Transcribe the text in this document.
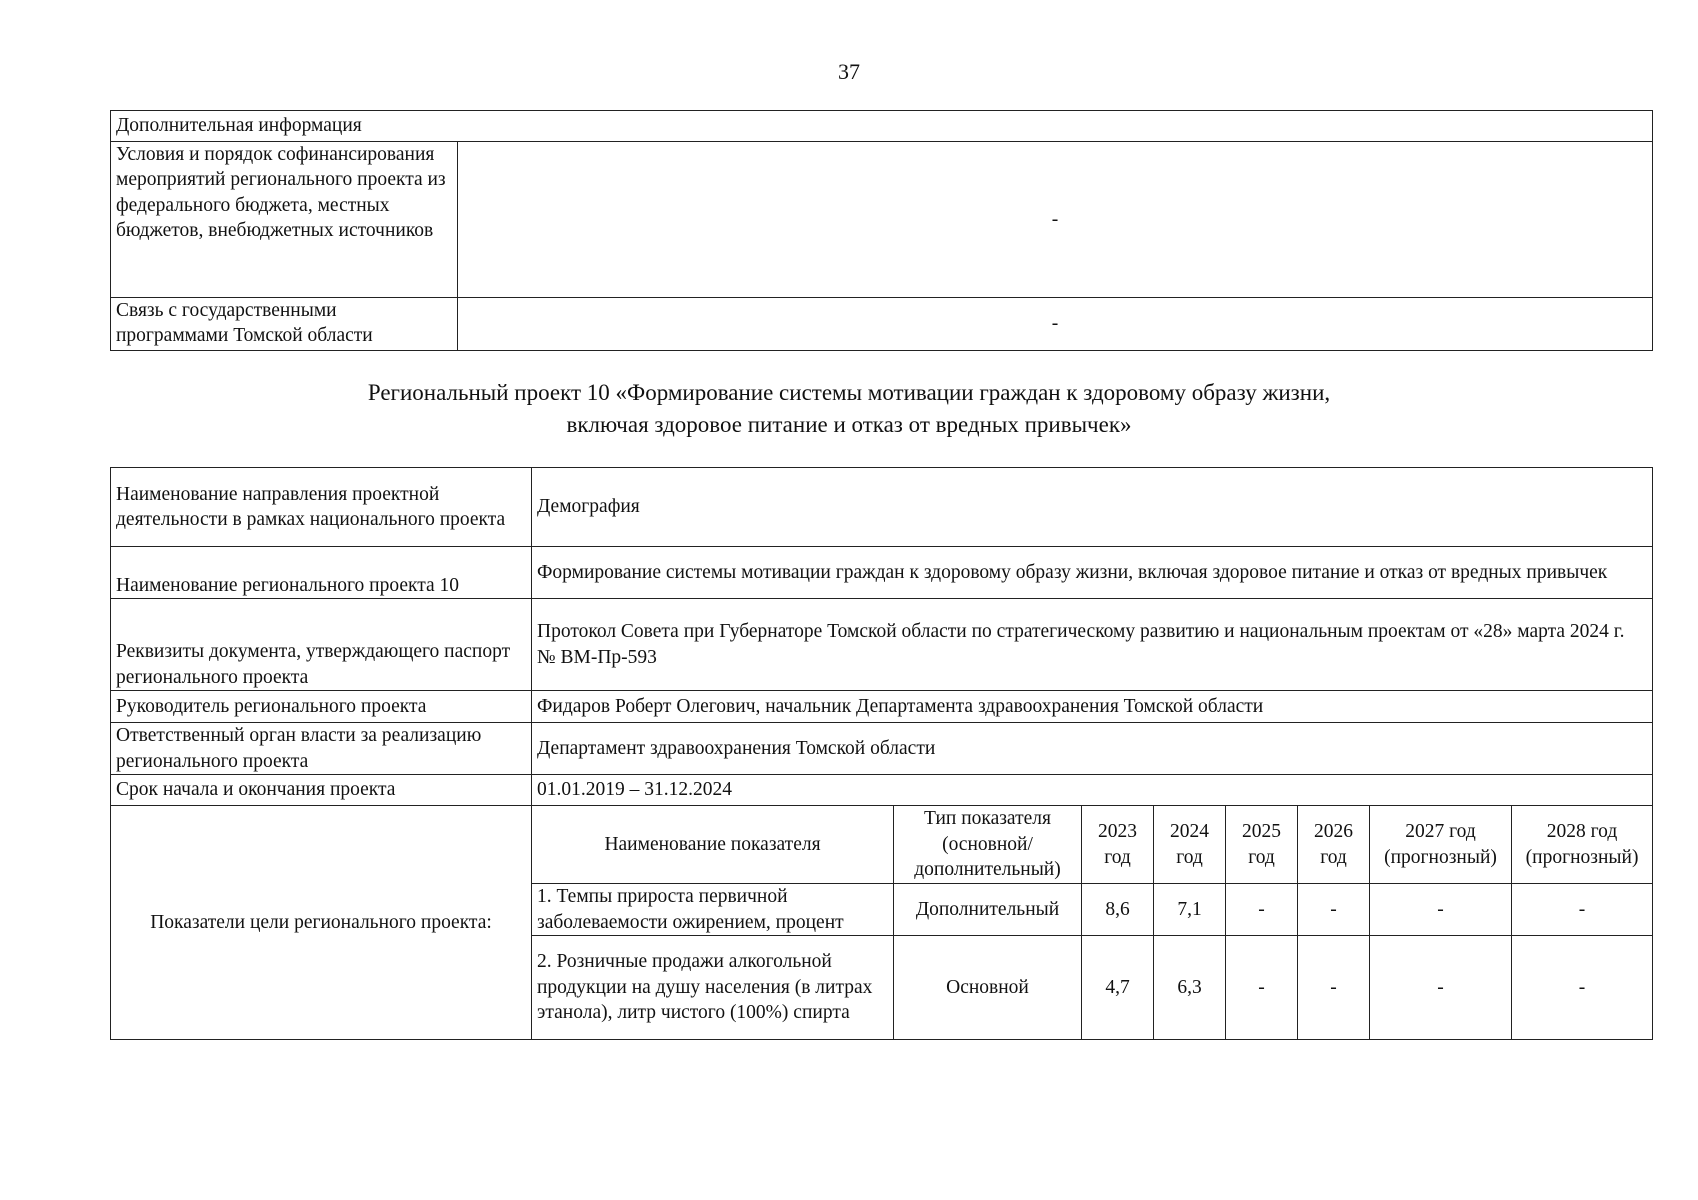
37
Дополнительная информация	
Условия и порядок софинансирования мероприятий регионального проекта из федерального бюджета, местных бюджетов, внебюджетных источников	-
Связь с государственными программами Томской области	-
Региональный проект 10 «Формирование системы мотивации граждан к здоровому образу жизни,
включая здоровое питание и отказ от вредных привычек»
Наименование направления проектной деятельности в рамках национального проекта	Демография							
Наименование регионального проекта 10	Формирование системы мотивации граждан к здоровому образу жизни, включая здоровое питание и отказ от вредных привычек							
Реквизиты документа, утверждающего паспорт регионального проекта	Протокол Совета при Губернаторе Томской области по стратегическому развитию и национальным проектам от «28» марта 2024 г. № ВМ-Пр-593							
Руководитель регионального проекта	Фидаров Роберт Олегович, начальник Департамента здравоохранения Томской области							
Ответственный орган власти за реализацию регионального проекта	Департамент здравоохранения Томской области							
Срок начала и окончания проекта	01.01.2019 – 31.12.2024							
Показатели цели регионального проекта:	Наименование показателя	Тип показателя (основной/ дополнительный)	2023 год	2024 год	2025 год	2026 год	2027 год (прогнозный)	2028 год (прогнозный)
	1. Темпы прироста первичной заболеваемости ожирением, процент	Дополнительный	8,6	7,1	-	-	-	-
	2. Розничные продажи алкогольной продукции на душу населения (в литрах этанола), литр чистого (100%) спирта	Основной	4,7	6,3	-	-	-	-
